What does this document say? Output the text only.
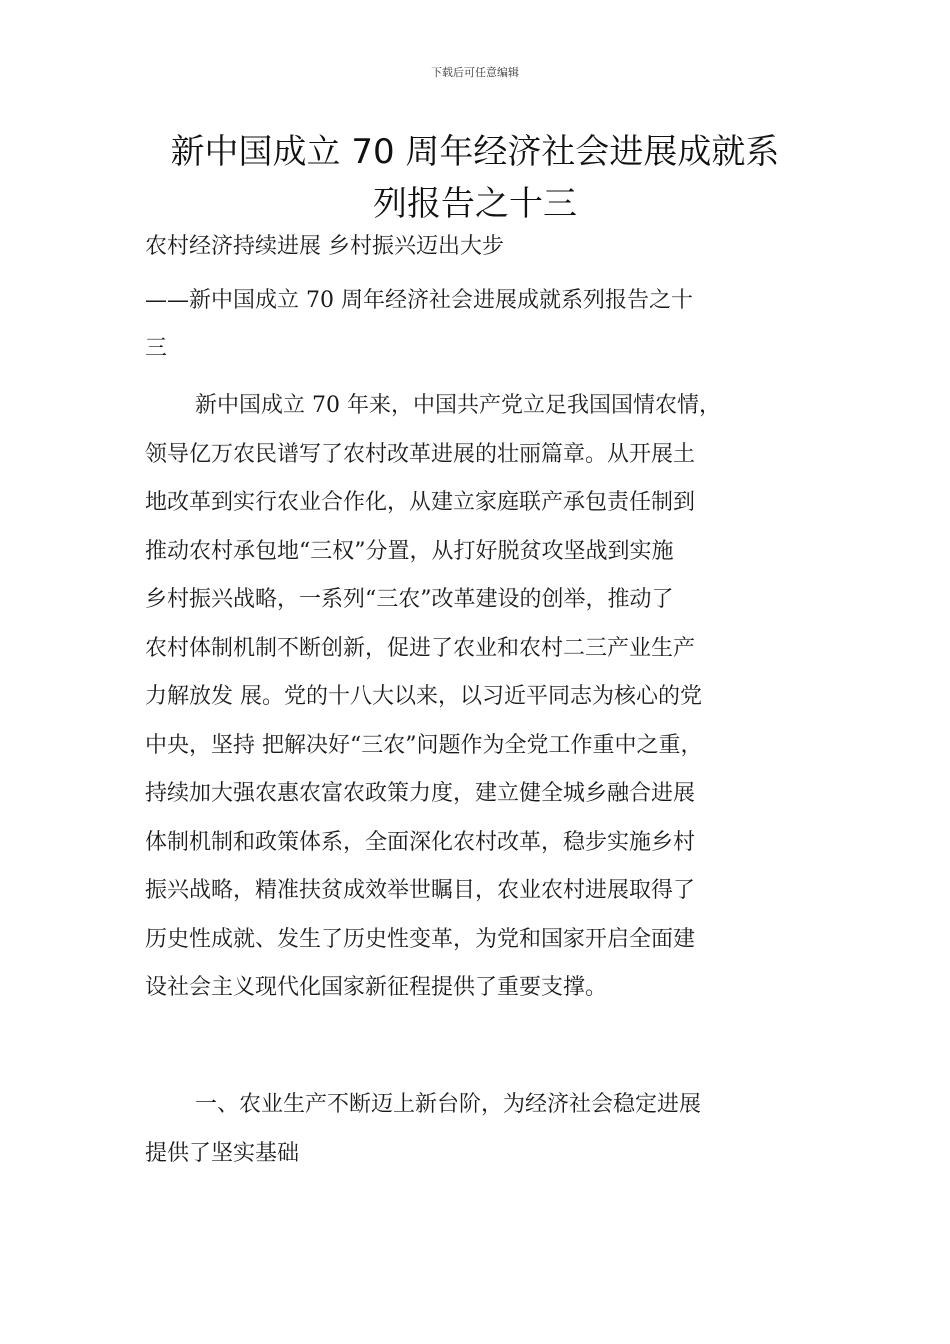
下载后可任意编辑
新中国成立 70 周年经济社会进展成就系
列报告之十三
农村经济持续进展 乡村振兴迈出大步
——新中国成立 70 周年经济社会进展成就系列报告之十
三
新中国成立 70 年来，中国共产党立足我国国情农情，
领导亿万农民谱写了农村改革进展的壮丽篇章。从开展土
地改革到实行农业合作化，从建立家庭联产承包责任制到
推动农村承包地“三权”分置，从打好脱贫攻坚战到实施
乡村振兴战略，一系列“三农”改革建设的创举，推动了
农村体制机制不断创新，促进了农业和农村二三产业生产
力解放发 展。党的十八大以来，以习近平同志为核心的党
中央，坚持 把解决好“三农”问题作为全党工作重中之重，
持续加大强农惠农富农政策力度，建立健全城乡融合进展
体制机制和政策体系，全面深化农村改革，稳步实施乡村
振兴战略，精准扶贫成效举世瞩目，农业农村进展取得了
历史性成就、发生了历史性变革，为党和国家开启全面建
设社会主义现代化国家新征程提供了重要支撑。
一、农业生产不断迈上新台阶，为经济社会稳定进展
提供了坚实基础
